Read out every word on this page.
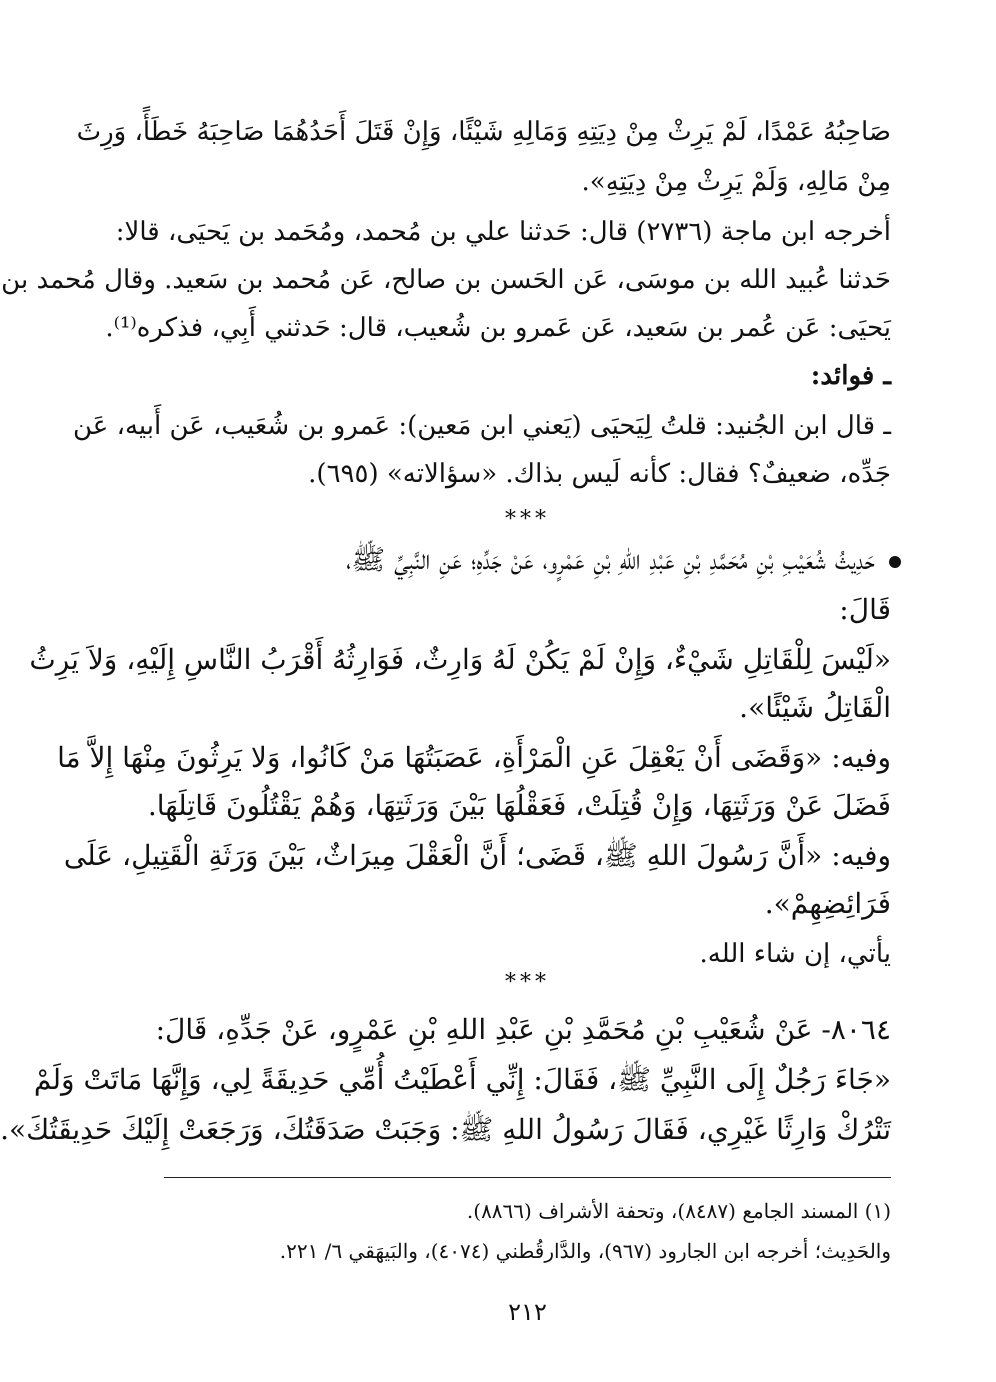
صَاحِبُهُ عَمْدًا، لَمْ يَرِثْ مِنْ دِيَتِهِ وَمَالِهِ شَيْئًا، وَإِنْ قَتَلَ أَحَدُهُمَا صَاحِبَهُ خَطَأً، وَرِثَ
مِنْ مَالِهِ، وَلَمْ يَرِثْ مِنْ دِيَتِهِ».
أخرجه ابن ماجة (٢٧٣٦) قال: حَدثنا علي بن مُحمد، ومُحَمد بن يَحيَى، قالا:
حَدثنا عُبيد الله بن موسَى، عَن الحَسن بن صالح، عَن مُحمد بن سَعيد. وقال مُحمد بن
يَحيَى: عَن عُمر بن سَعيد، عَن عَمرو بن شُعيب، قال: حَدثني أَبِي، فذكره⁽¹⁾.
ـ فوائد:
ـ قال ابن الجُنيد: قلتُ لِيَحيَى (يَعني ابن مَعين): عَمرو بن شُعَيب، عَن أَبيه، عَن
جَدِّه، ضعيفٌ؟ فقال: كأنه لَيس بذاك. «سؤالاته» (٦٩٥).
***
حَدِيثُ شُعَيْبِ بْنِ مُحَمَّدِ بْنِ عَبْدِ اللهِ بْنِ عَمْرٍو، عَنْ جَدِّهِ؛ عَنِ النَّبِيِّ ﷺ،
قَالَ:
«لَيْسَ لِلْقَاتِلِ شَيْءٌ، وَإِنْ لَمْ يَكُنْ لَهُ وَارِثٌ، فَوَارِثُهُ أَقْرَبُ النَّاسِ إِلَيْهِ، وَلاَ يَرِثُ
الْقَاتِلُ شَيْئًا».
وفيه: «وَقَضَى أَنْ يَعْقِلَ عَنِ الْمَرْأَةِ، عَصَبَتُهَا مَنْ كَانُوا، وَلا يَرِثُونَ مِنْهَا إِلاَّ مَا
فَضَلَ عَنْ وَرَثَتِهَا، وَإِنْ قُتِلَتْ، فَعَقْلُهَا بَيْنَ وَرَثَتِهَا، وَهُمْ يَقْتُلُونَ قَاتِلَهَا.
وفيه: «أَنَّ رَسُولَ اللهِ ﷺ، قَضَى؛ أَنَّ الْعَقْلَ مِيرَاثٌ، بَيْنَ وَرَثَةِ الْقَتِيلِ، عَلَى
فَرَائِضِهِمْ».
يأتي، إن شاء الله.
***
٨٠٦٤- عَنْ شُعَيْبِ بْنِ مُحَمَّدِ بْنِ عَبْدِ اللهِ بْنِ عَمْرٍو، عَنْ جَدِّهِ، قَالَ:
«جَاءَ رَجُلٌ إِلَى النَّبِيِّ ﷺ، فَقَالَ: إِنِّي أَعْطَيْتُ أُمِّي حَدِيقَةً لِي، وَإِنَّهَا مَاتَتْ وَلَمْ
تَتْرُكْ وَارِثًا غَيْرِي، فَقَالَ رَسُولُ اللهِ ﷺ: وَجَبَتْ صَدَقَتُكَ، وَرَجَعَتْ إِلَيْكَ حَدِيقَتُكَ».
(١) المسند الجامع (٨٤٨٧)، وتحفة الأشراف (٨٨٦٦).
والحَدِيث؛ أخرجه ابن الجارود (٩٦٧)، والدَّارقُطني (٤٠٧٤)، والبَيهَقي ٦/ ٢٢١.
٢١٢
